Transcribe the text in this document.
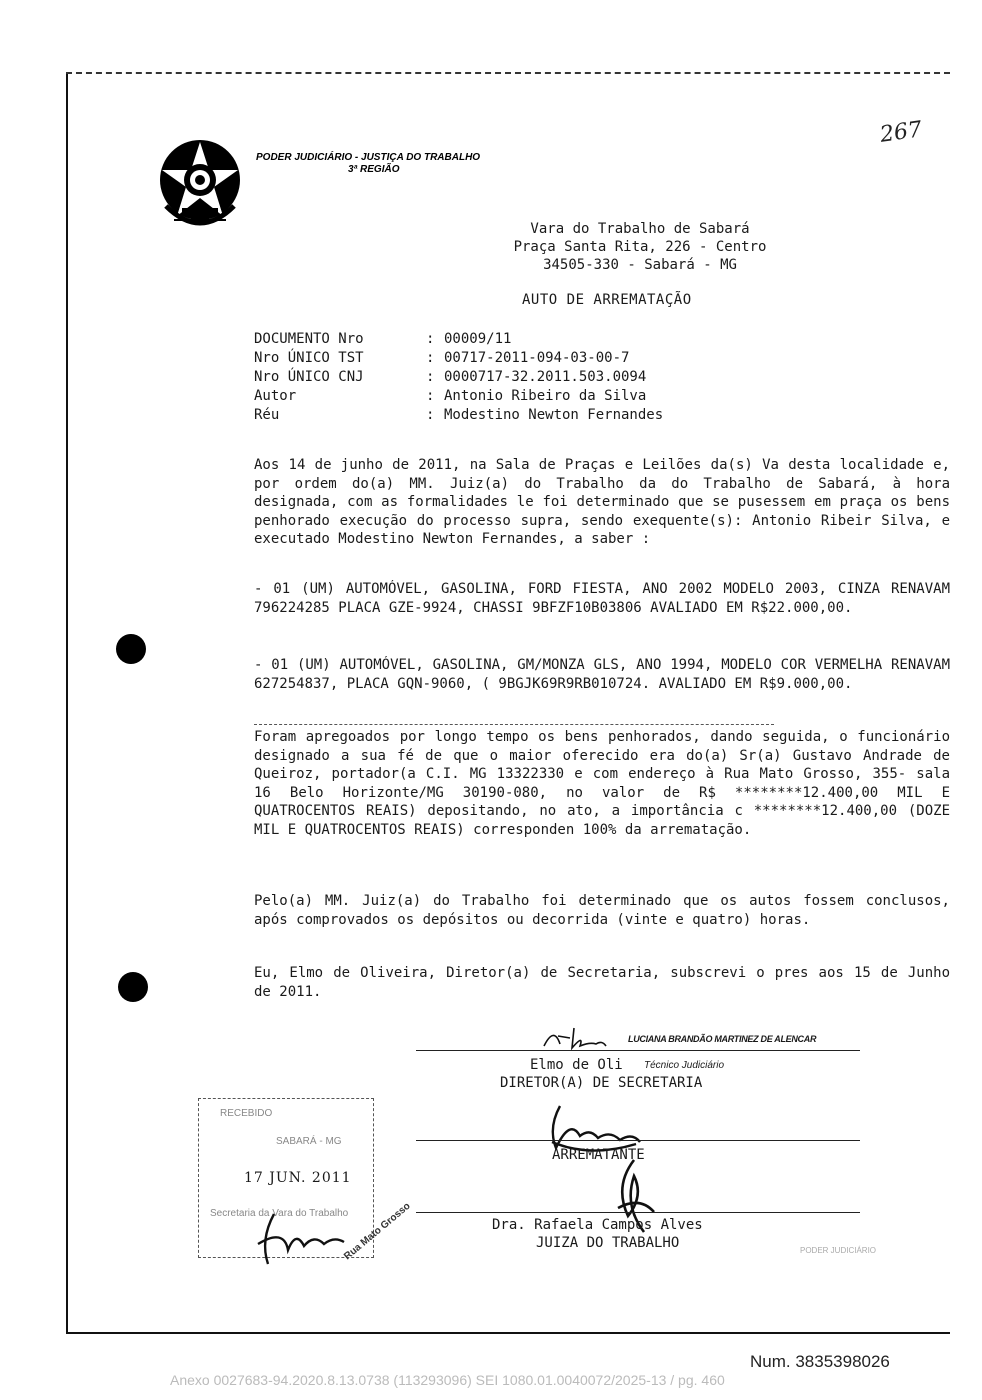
PODER JUDICIÁRIO - JUSTIÇA DO TRABALHO
3ª REGIÃO
267
Vara do Trabalho de Sabará
Praça Santa Rita, 226 - Centro
34505-330 - Sabará - MG
AUTO DE ARREMATAÇÃO
DOCUMENTO Nro	: 00009/11
Nro ÚNICO TST	: 00717-2011-094-03-00-7
Nro ÚNICO CNJ	: 0000717-32.2011.503.0094
Autor	: Antonio Ribeiro da Silva
Réu	: Modestino Newton Fernandes

Aos 14 de junho de 2011, na Sala de Praças e Leilões da(s) Va desta localidade e, por ordem do(a) MM. Juiz(a) do Trabalho da do Trabalho de Sabará, à hora designada, com as formalidades le foi determinado que se pusessem em praça os bens penhorado execução do processo supra, sendo exequente(s): Antonio Ribeir Silva, e executado Modestino Newton Fernandes, a saber :

- 01 (UM) AUTOMÓVEL, GASOLINA, FORD FIESTA, ANO 2002 MODELO 2003, CINZA RENAVAM 796224285 PLACA GZE-9924, CHASSI 9BFZF10B03806 AVALIADO EM R$22.000,00.

- 01 (UM) AUTOMÓVEL, GASOLINA, GM/MONZA GLS, ANO 1994, MODELO COR VERMELHA RENAVAM 627254837, PLACA GQN-9060, ( 9BGJK69R9RB010724. AVALIADO EM R$9.000,00.

Foram apregoados por longo tempo os bens penhorados, dando seguida, o funcionário designado a sua fé de que o maior oferecido era do(a) Sr(a) Gustavo Andrade de Queiroz, portador(a C.I. MG 13322330 e com endereço à Rua Mato Grosso, 355- sala 16 Belo Horizonte/MG 30190-080, no valor de R$ ********12.400,00 MIL E QUATROCENTOS REAIS) depositando, no ato, a importância c ********12.400,00 (DOZE MIL E QUATROCENTOS REAIS) corresponden 100% da arrematação.

Pelo(a) MM. Juiz(a) do Trabalho foi determinado que os autos fossem conclusos, após comprovados os depósitos ou decorrida (vinte e quatro) horas.

Eu, Elmo de Oliveira, Diretor(a) de Secretaria, subscrevi o pres aos 15 de Junho de 2011.

LUCIANA BRANDÃO MARTINEZ DE ALENCAR
Elmo de Oli Técnico Judiciário
DIRETOR(A) DE SECRETARIA
ARREMATANTE
Dra. Rafaela Campos Alves
JUIZA DO TRABALHO
RECEBIDO
SABARÁ - MG
17 JUN. 2011
Secretaria da Vara do Trabalho
Rua Mato Grosso	PODER JUDICIÁRIO
Num. 3835398026
Anexo 0027683-94.2020.8.13.0738 (113293096) SEI 1080.01.0040072/2025-13 / pg. 460
